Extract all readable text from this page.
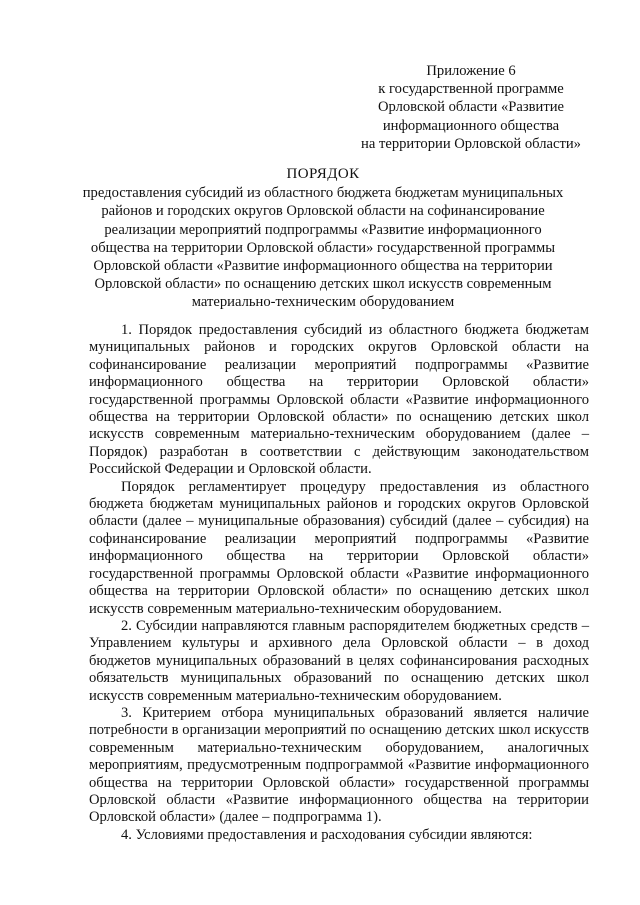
Приложение 6
к государственной программе
Орловской области «Развитие
информационного общества
на территории Орловской области»
ПОРЯДОК
предоставления субсидий из областного бюджета бюджетам муниципальных
районов и городских округов Орловской области на софинансирование
реализации мероприятий подпрограммы «Развитие информационного
общества на территории Орловской области» государственной программы
Орловской области «Развитие информационного общества на территории
Орловской области» по оснащению детских школ искусств современным
материально-техническим оборудованием

1. Порядок предоставления субсидий из областного бюджета бюджетам муниципальных районов и городских округов Орловской области на софинансирование реализации мероприятий подпрограммы «Развитие информационного общества на территории Орловской области» государственной программы Орловской области «Развитие информационного общества на территории Орловской области» по оснащению детских школ искусств современным материально-техническим оборудованием (далее – Порядок) разработан в соответствии с действующим законодательством Российской Федерации и Орловской области.

Порядок регламентирует процедуру предоставления из областного бюджета бюджетам муниципальных районов и городских округов Орловской области (далее – муниципальные образования) субсидий (далее – субсидия) на софинансирование реализации мероприятий подпрограммы «Развитие информационного общества на территории Орловской области» государственной программы Орловской области «Развитие информационного общества на территории Орловской области» по оснащению детских школ искусств современным материально-техническим оборудованием.

2. Субсидии направляются главным распорядителем бюджетных средств – Управлением культуры и архивного дела Орловской области – в доход бюджетов муниципальных образований в целях софинансирования расходных обязательств муниципальных образований по оснащению детских школ искусств современным материально-техническим оборудованием.

3. Критерием отбора муниципальных образований является наличие потребности в организации мероприятий по оснащению детских школ искусств современным материально-техническим оборудованием, аналогичных мероприятиям, предусмотренным подпрограммой «Развитие информационного общества на территории Орловской области» государственной программы Орловской области «Развитие информационного общества на территории Орловской области» (далее – подпрограмма 1).

4. Условиями предоставления и расходования субсидии являются:
